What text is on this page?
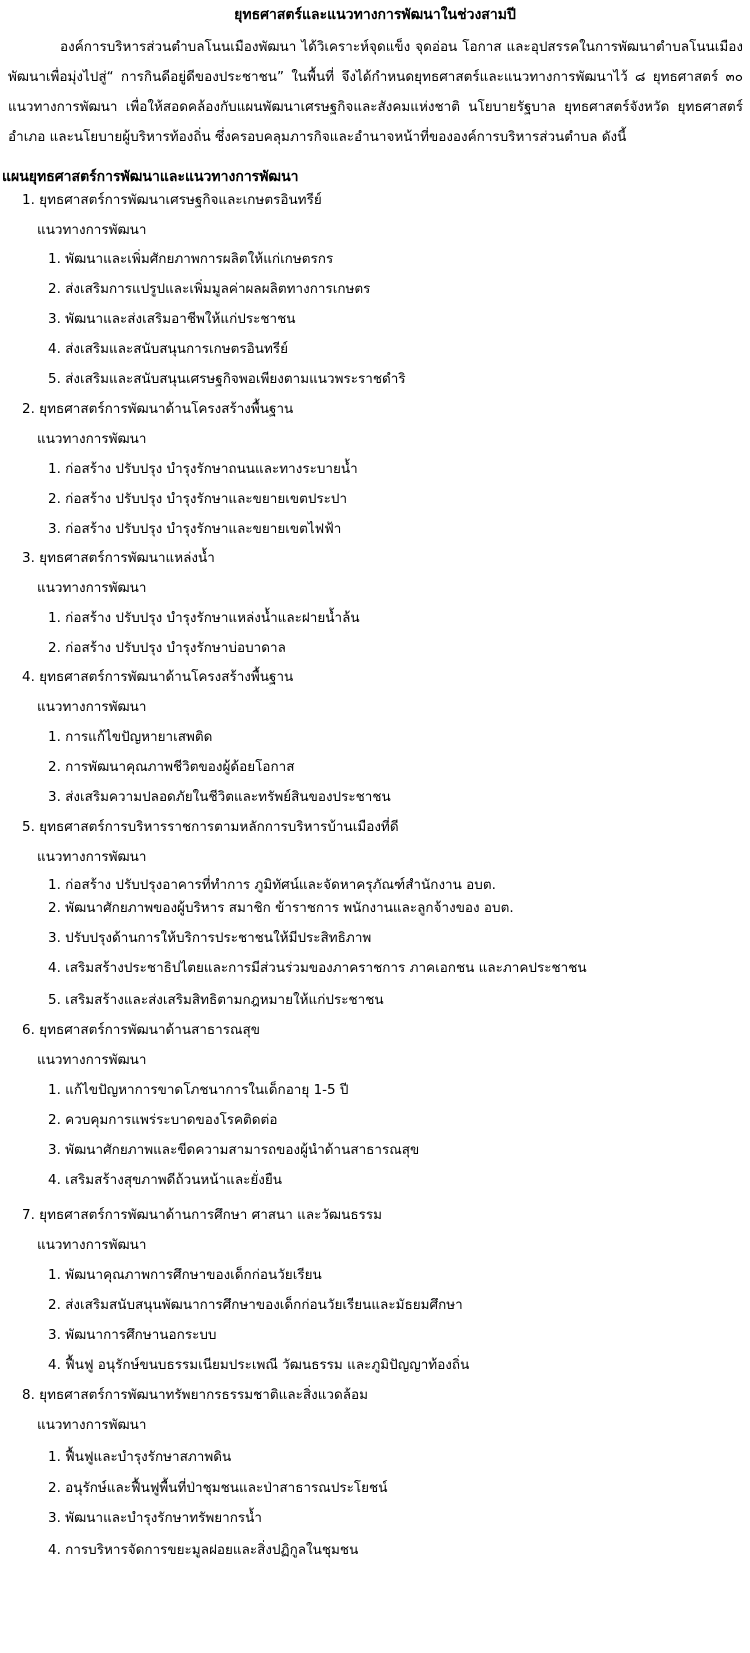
ยุทธศาสตร์และแนวทางการพัฒนาในช่วงสามปี
องค์การบริหารส่วนตำบลโนนเมืองพัฒนา ได้วิเคราะห์จุดแข็ง จุดอ่อน โอกาส และอุปสรรคในการพัฒนาตำบลโนนเมืองพัฒนาเพื่อมุ่งไปสู่“ การกินดีอยู่ดีของประชาชน” ในพื้นที่ จึงได้กำหนดยุทธศาสตร์และแนวทางการพัฒนาไว้ ๘ ยุทธศาสตร์ ๓๐ แนวทางการพัฒนา เพื่อให้สอดคล้องกับแผนพัฒนาเศรษฐกิจและสังคมแห่งชาติ นโยบายรัฐบาล ยุทธศาสตร์จังหวัด ยุทธศาสตร์อำเภอ และนโยบายผู้บริหารท้องถิ่น ซึ่งครอบคลุมภารกิจและอำนาจหน้าที่ขององค์การบริหารส่วนตำบล ดังนี้
แผนยุทธศาสตร์การพัฒนาและแนวทางการพัฒนา
1. ยุทธศาสตร์การพัฒนาเศรษฐกิจและเกษตรอินทรีย์
แนวทางการพัฒนา
1. พัฒนาและเพิ่มศักยภาพการผลิตให้แก่เกษตรกร
2. ส่งเสริมการแปรูปและเพิ่มมูลค่าผลผลิตทางการเกษตร
3. พัฒนาและส่งเสริมอาชีพให้แก่ประชาชน
4. ส่งเสริมและสนับสนุนการเกษตรอินทรีย์
5. ส่งเสริมและสนับสนุนเศรษฐกิจพอเพียงตามแนวพระราชดำริ
2. ยุทธศาสตร์การพัฒนาด้านโครงสร้างพื้นฐาน
แนวทางการพัฒนา
1. ก่อสร้าง ปรับปรุง บำรุงรักษาถนนและทางระบายน้ำ
2. ก่อสร้าง ปรับปรุง บำรุงรักษาและขยายเขตประปา
3. ก่อสร้าง ปรับปรุง บำรุงรักษาและขยายเขตไฟฟ้า
3. ยุทธศาสตร์การพัฒนาแหล่งน้ำ
แนวทางการพัฒนา
1. ก่อสร้าง ปรับปรุง บำรุงรักษาแหล่งน้ำและฝายน้ำล้น
2. ก่อสร้าง ปรับปรุง บำรุงรักษาบ่อบาดาล
4. ยุทธศาสตร์การพัฒนาด้านโครงสร้างพื้นฐาน
แนวทางการพัฒนา
1. การแก้ไขปัญหายาเสพติด
2. การพัฒนาคุณภาพชีวิตของผู้ด้อยโอกาส
3. ส่งเสริมความปลอดภัยในชีวิตและทรัพย์สินของประชาชน
5. ยุทธศาสตร์การบริหารราชการตามหลักการบริหารบ้านเมืองที่ดี
แนวทางการพัฒนา
1. ก่อสร้าง ปรับปรุงอาคารที่ทำการ ภูมิทัศน์และจัดหาครุภัณฑ์สำนักงาน อบต.
2. พัฒนาศักยภาพของผู้บริหาร สมาชิก ข้าราชการ พนักงานและลูกจ้างของ อบต.
3. ปรับปรุงด้านการให้บริการประชาชนให้มีประสิทธิภาพ
4. เสริมสร้างประชาธิปไตยและการมีส่วนร่วมของภาคราชการ ภาคเอกชน และภาคประชาชน
5. เสริมสร้างและส่งเสริมสิทธิตามกฎหมายให้แก่ประชาชน
6. ยุทธศาสตร์การพัฒนาด้านสาธารณสุข
แนวทางการพัฒนา
1. แก้ไขปัญหาการขาดโภชนาการในเด็กอายุ 1-5 ปี
2. ควบคุมการแพร่ระบาดของโรคติดต่อ
3. พัฒนาศักยภาพและขีดความสามารถของผู้นำด้านสาธารณสุข
4. เสริมสร้างสุขภาพดีถ้วนหน้าและยั่งยืน
7. ยุทธศาสตร์การพัฒนาด้านการศึกษา ศาสนา และวัฒนธรรม
แนวทางการพัฒนา
1. พัฒนาคุณภาพการศึกษาของเด็กก่อนวัยเรียน
2. ส่งเสริมสนับสนุนพัฒนาการศึกษาของเด็กก่อนวัยเรียนและมัธยมศึกษา
3. พัฒนาการศึกษานอกระบบ
4. ฟื้นฟู อนุรักษ์ขนบธรรมเนียมประเพณี วัฒนธรรม และภูมิปัญญาท้องถิ่น
8. ยุทธศาสตร์การพัฒนาทรัพยากรธรรมชาติและสิ่งแวดล้อม
แนวทางการพัฒนา
1. ฟื้นฟูและบำรุงรักษาสภาพดิน
2. อนุรักษ์และฟื้นฟูพื้นที่ป่าชุมชนและป่าสาธารณประโยชน์
3. พัฒนาและบำรุงรักษาทรัพยากรน้ำ
4. การบริหารจัดการขยะมูลฝอยและสิ่งปฏิกูลในชุมชน
